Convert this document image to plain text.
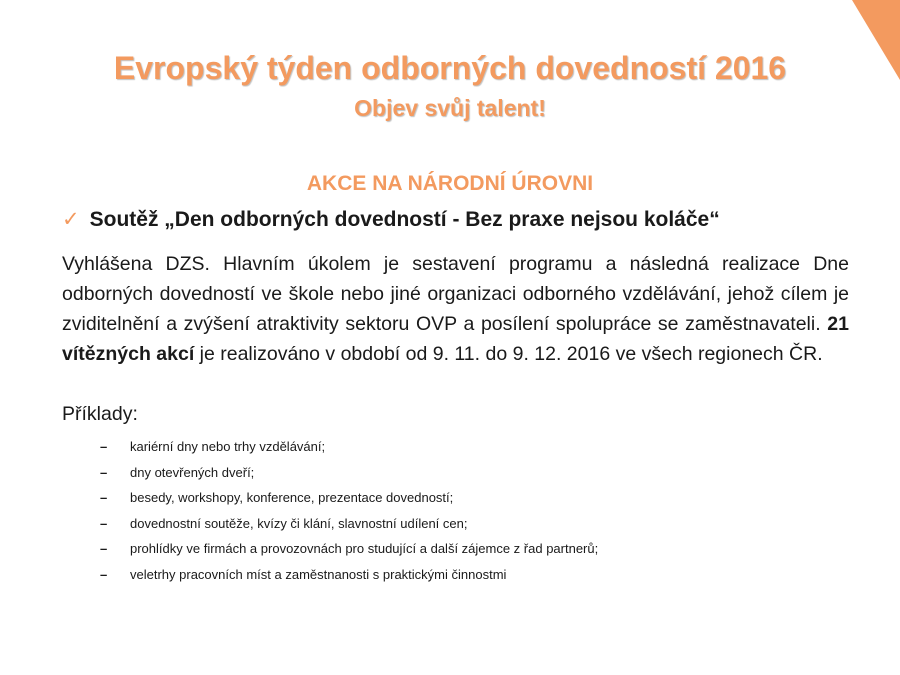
Evropský týden odborných dovedností 2016
Objev svůj talent!
AKCE NA NÁRODNÍ ÚROVNI
✓ Soutěž „Den odborných dovedností - Bez praxe nejsou koláče“
Vyhlášena DZS. Hlavním úkolem je sestavení programu a následná realizace Dne odborných dovedností ve škole nebo jiné organizaci odborného vzdělávání, jehož cílem je zviditelnění a zvýšení atraktivity sektoru OVP a posílení spolupráce se zaměstnavateli. 21 vítězných akcí je realizováno v období od 9. 11. do 9. 12. 2016 ve všech regionech ČR.
Příklady:
– kariérní dny nebo trhy vzdělávání;
– dny otevřených dveří;
– besedy, workshopy, konference, prezentace dovedností;
– dovednostní soutěže, kvízy či klání, slavnostní udílení cen;
– prohlídky ve firmách a provozovnách pro studující a další zájemce z řad partnerů;
– veletrhy pracovních míst a zaměstnanosti s praktickými činnostmi
